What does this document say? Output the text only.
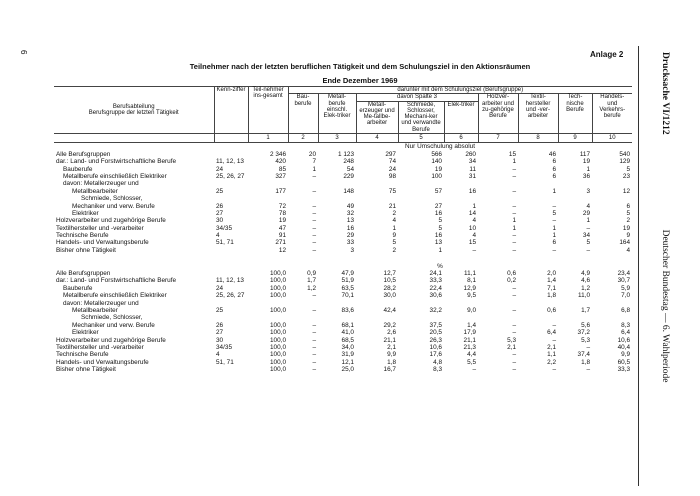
6	Anlage 2
Teilnehmer nach der letzten beruflichen Tätigkeit und dem Schulungsziel in den Aktionsräumen
Ende Dezember 1969	Drucksache VI/1212                                        Deutscher Bundestag — 6. Wahlperiode
Berufsabteilung
Berufsgruppe der letzten Tätigkeit	Kenn-ziffer	Teil-nehmer ins-gesamt	darunter mit dem Schulungsziel (Berufsgruppe)								
			Bau-berufe	Metall-berufe einschl. Elek-triker	davon Spalte 3			Holzver-arbeiter und zu-gehörige Berufe	Textil-hersteller und -ver-arbeiter	Tech-nische Berufe	Handels- und Verkehrs-berufe
					Metall-erzeuger und Me-tallbe-arbeiter	Schmiede, Schlosser, Mechani-ker und verwandte Berufe	Elek-triker				
		1	2	3	4	5	6	7	8	9	10
		Nur Umschulung absolut									
Alle Berufsgruppen		2 346	20	1 123	297	566	260	15	46	117	540
dar.: Land- und Forstwirtschaftliche Berufe	11, 12, 13	420	7	248	74	140	34	1	6	19	129
Bauberufe	24	85	1	54	24	19	11	–	6	1	5
Metallberufe einschließlich Elektriker	25, 26, 27	327	–	229	98	100	31	–	6	36	23
davon: Metallerzeuger und											
Metallbearbeiter	25	177	–	148	75	57	16	–	1	3	12
Schmiede, Schlosser,											
Mechaniker und verw. Berufe	26	72	–	49	21	27	1	–	–	4	6
Elektriker	27	78	–	32	2	16	14	–	5	29	5
Holzverarbeiter und zugehörige Berufe	30	19	–	13	4	5	4	1	–	1	2
Textilhersteller und -verarbeiter	34/35	47	–	16	1	5	10	1	1	–	19
Technische Berufe	4	91	–	29	9	16	4	–	1	34	9
Handels- und Verwaltungsberufe	51, 71	271	–	33	5	13	15	–	6	5	164
Bisher ohne Tätigkeit		12	–	3	2	1	–	–	–	–	4

		%									
Alle Berufsgruppen		100,0	0,9	47,9	12,7	24,1	11,1	0,6	2,0	4,9	23,4
dar.: Land- und Forstwirtschaftliche Berufe	11, 12, 13	100,0	1,7	51,9	10,5	33,3	8,1	0,2	1,4	4,6	30,7
Bauberufe	24	100,0	1,2	63,5	28,2	22,4	12,9	–	7,1	1,2	5,9
Metallberufe einschließlich Elektriker	25, 26, 27	100,0	–	70,1	30,0	30,6	9,5	–	1,8	11,0	7,0
davon: Metallerzeuger und											
Metallbearbeiter	25	100,0	–	83,6	42,4	32,2	9,0	–	0,6	1,7	6,8
Schmiede, Schlosser,											
Mechaniker und verw. Berufe	26	100,0	–	68,1	29,2	37,5	1,4	–	–	5,6	8,3
Elektriker	27	100,0	–	41,0	2,6	20,5	17,9	–	6,4	37,2	6,4
Holzverarbeiter und zugehörige Berufe	30	100,0	–	68,5	21,1	26,3	21,1	5,3	–	5,3	10,6
Textilhersteller und -verarbeiter	34/35	100,0	–	34,0	2,1	10,6	21,3	2,1	2,1	–	40,4
Technische Berufe	4	100,0	–	31,9	9,9	17,6	4,4	–	1,1	37,4	9,9
Handels- und Verwaltungsberufe	51, 71	100,0	–	12,1	1,8	4,8	5,5	–	2,2	1,8	60,5
Bisher ohne Tätigkeit		100,0	–	25,0	16,7	8,3	–	–	–	–	33,3
